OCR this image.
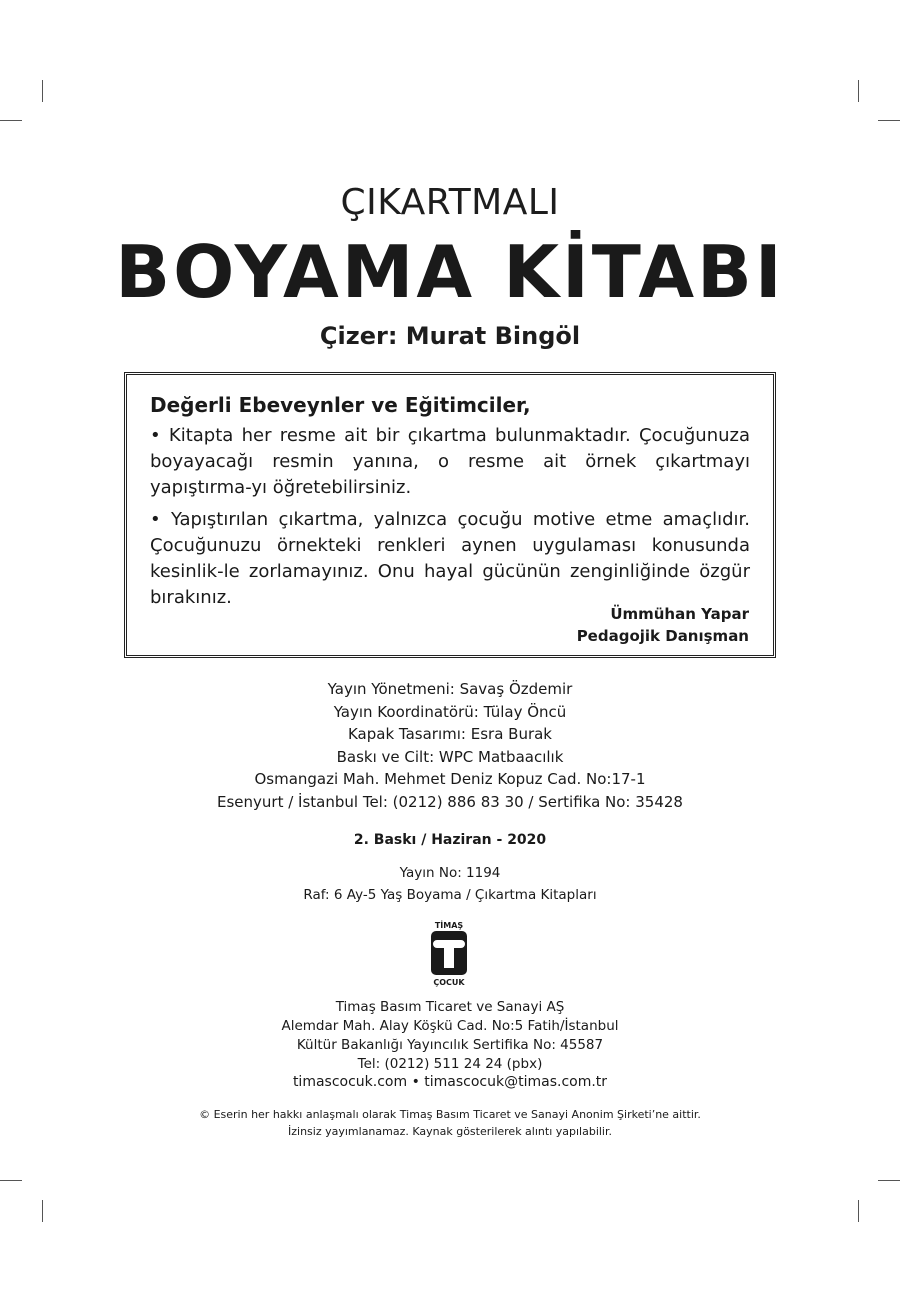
ÇIKARTMALI
BOYAMA KİTABI
Çizer: Murat Bingöl
Değerli Ebeveynler ve Eğitimciler,
• Kitapta her resme ait bir çıkartma bulunmaktadır. Çocuğunuza boyayacağı resmin yanına, o resme ait örnek çıkartmayı yapıştırma-yı öğretebilirsiniz.
• Yapıştırılan çıkartma, yalnızca çocuğu motive etme amaçlıdır. Çocuğunuzu örnekteki renkleri aynen uygulaması konusunda kesinlik-le zorlamayınız. Onu hayal gücünün zenginliğinde özgür bırakınız.
Ümmühan Yapar
Pedagojik Danışman
Yayın Yönetmeni: Savaş Özdemir
Yayın Koordinatörü: Tülay Öncü
Kapak Tasarımı: Esra Burak
Baskı ve Cilt: WPC Matbaacılık
Osmangazi Mah. Mehmet Deniz Kopuz Cad. No:17-1
Esenyurt / İstanbul Tel: (0212) 886 83 30 / Sertifika No: 35428
2. Baskı / Haziran - 2020
Yayın No: 1194
Raf: 6 Ay-5 Yaş Boyama / Çıkartma Kitapları
TİMAŞ
ÇOCUK
Timaş Basım Ticaret ve Sanayi AŞ
Alemdar Mah. Alay Köşkü Cad. No:5 Fatih/İstanbul
Kültür Bakanlığı Yayıncılık Sertifika No: 45587
Tel: (0212) 511 24 24 (pbx)
timascocuk.com • timascocuk@timas.com.tr
© Eserin her hakkı anlaşmalı olarak Timaş Basım Ticaret ve Sanayi Anonim Şirketi’ne aittir.
İzinsiz yayımlanamaz. Kaynak gösterilerek alıntı yapılabilir.
